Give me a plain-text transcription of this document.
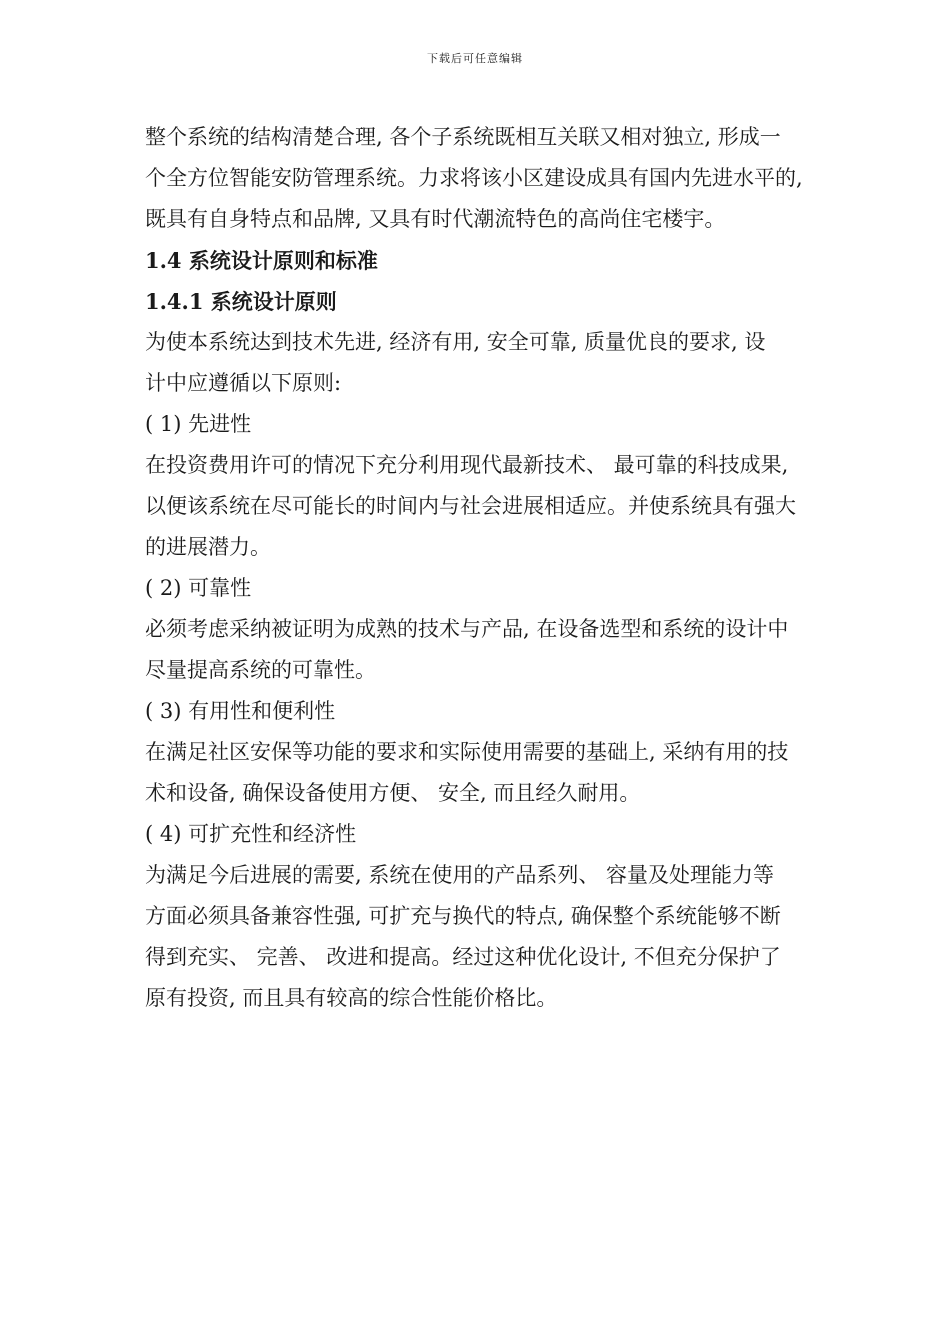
下载后可任意编辑
整个系统的结构清楚合理, 各个子系统既相互关联又相对独立, 形成一
个全方位智能安防管理系统。力求将该小区建设成具有国内先进水平的,
既具有自身特点和品牌, 又具有时代潮流特色的高尚住宅楼宇。
1.4 系统设计原则和标准
1.4.1 系统设计原则
为使本系统达到技术先进, 经济有用, 安全可靠, 质量优良的要求, 设
计中应遵循以下原则:
( 1) 先进性
在投资费用许可的情况下充分利用现代最新技术、 最可靠的科技成果,
以便该系统在尽可能长的时间内与社会进展相适应。并使系统具有强大
的进展潜力。
( 2) 可靠性
必须考虑采纳被证明为成熟的技术与产品, 在设备选型和系统的设计中
尽量提高系统的可靠性。
( 3) 有用性和便利性
在满足社区安保等功能的要求和实际使用需要的基础上, 采纳有用的技
术和设备, 确保设备使用方便、 安全, 而且经久耐用。
( 4) 可扩充性和经济性
为满足今后进展的需要, 系统在使用的产品系列、 容量及处理能力等
方面必须具备兼容性强, 可扩充与换代的特点, 确保整个系统能够不断
得到充实、 完善、 改进和提高。经过这种优化设计, 不但充分保护了
原有投资, 而且具有较高的综合性能价格比。
